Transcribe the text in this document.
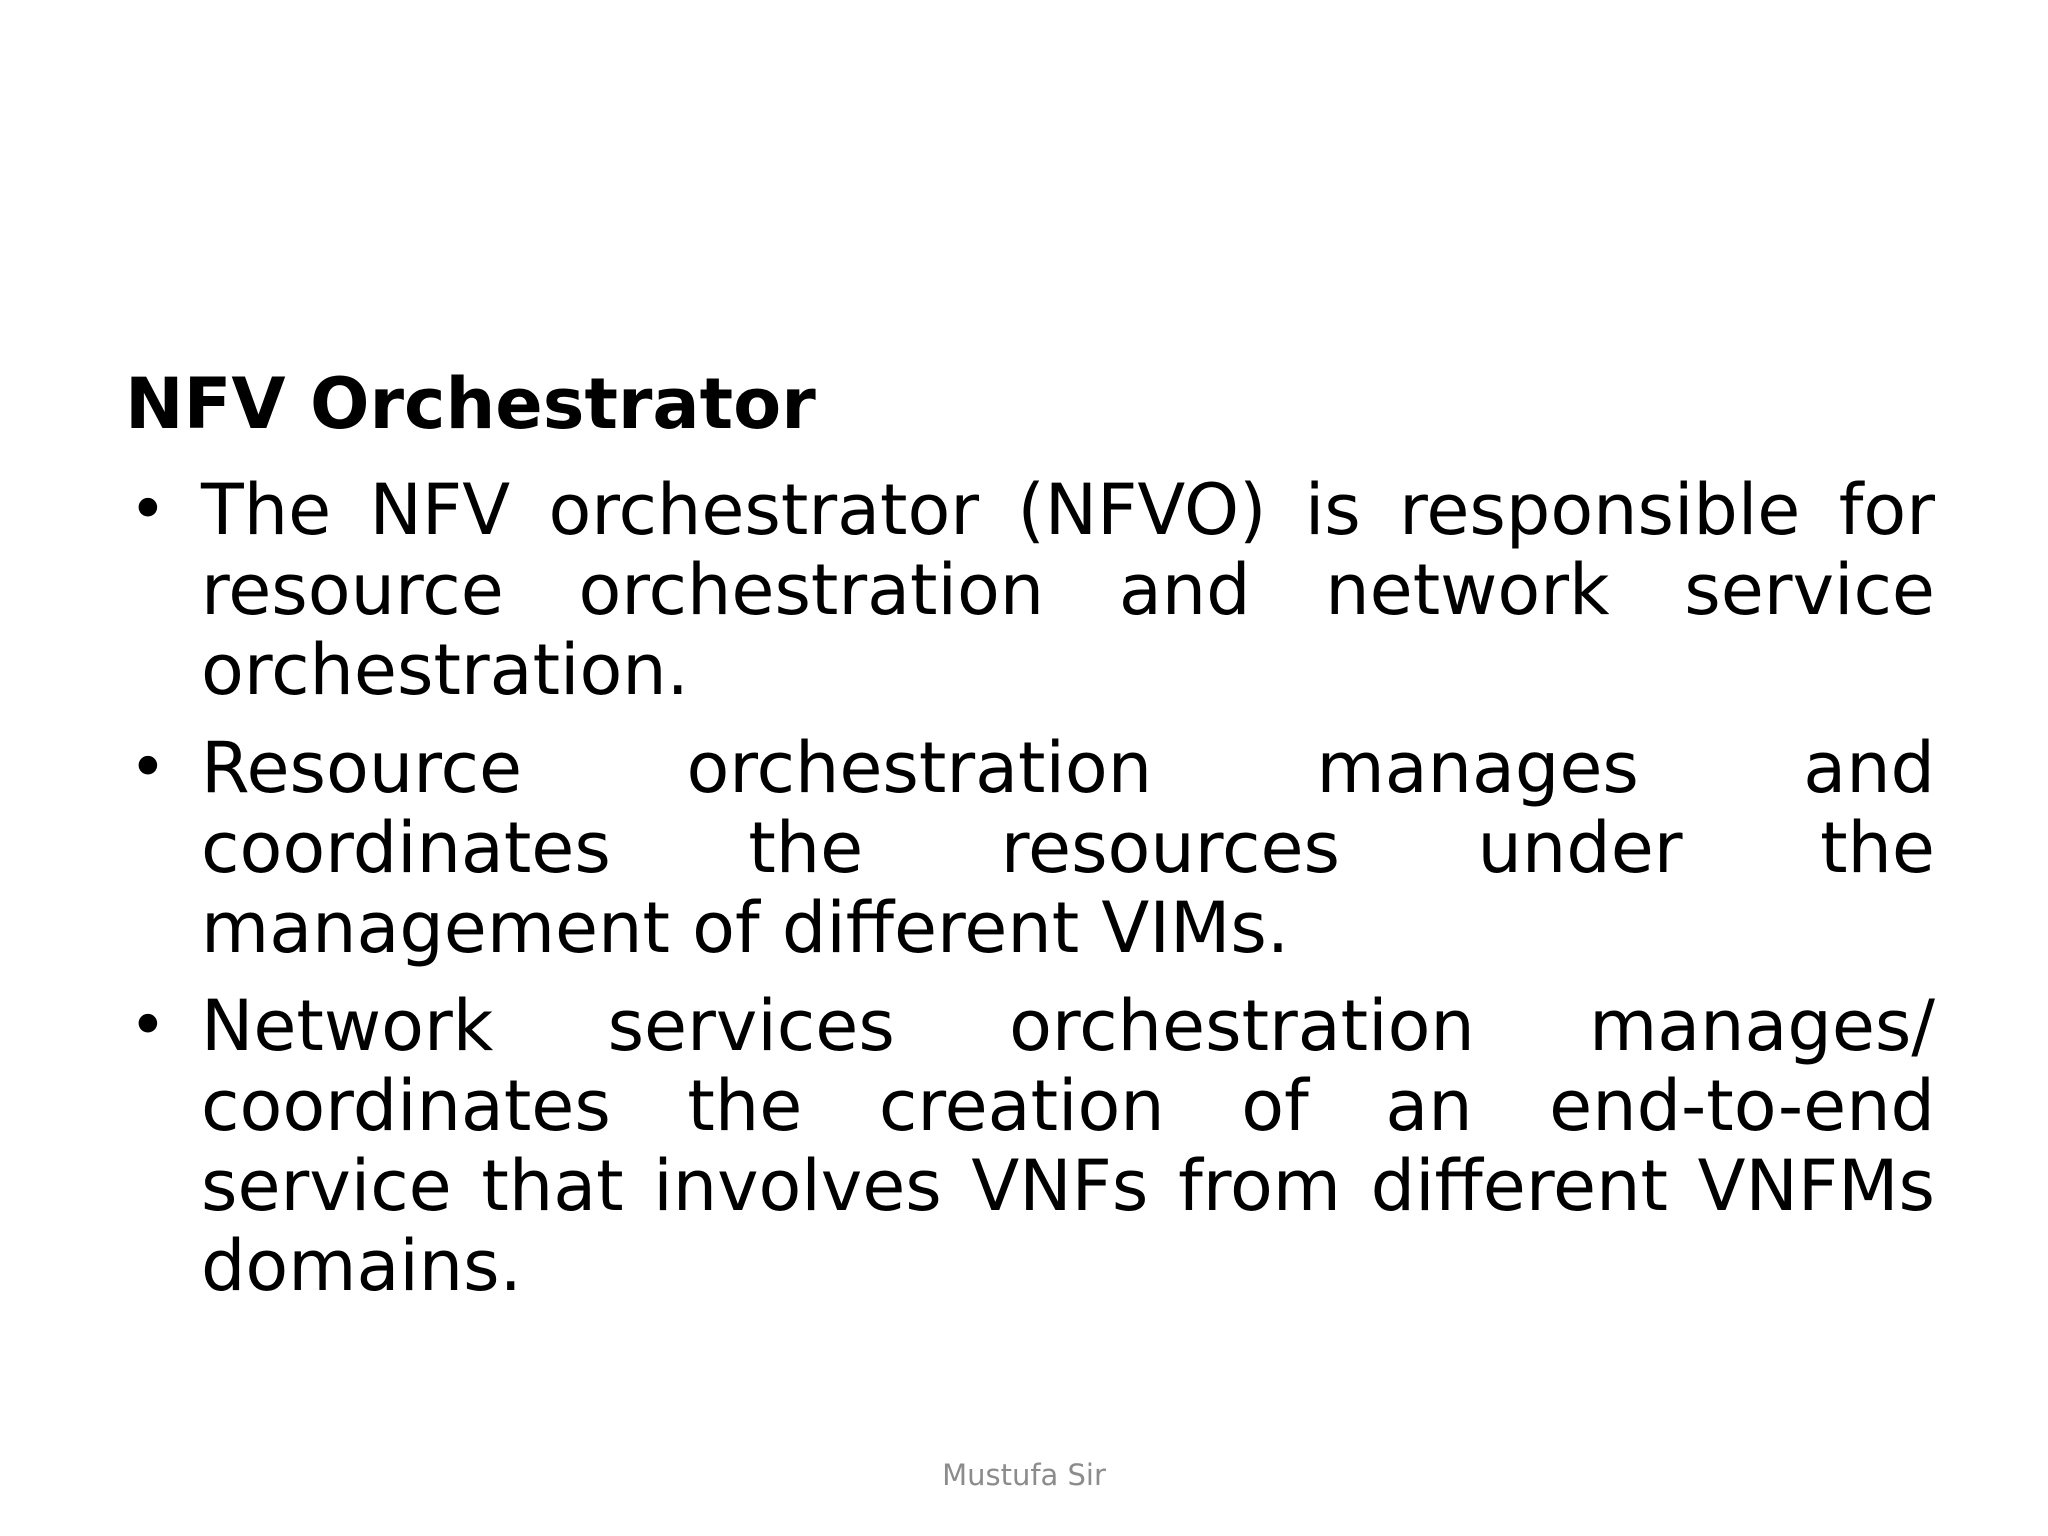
NFV Orchestrator
• The NFV orchestrator (NFVO) is responsible for resource orchestration and network service orchestration.
• Resource orchestration manages and coordinates the resources under the management of different VIMs.
• Network services orchestration manages/ coordinates the creation of an end-to-end service that involves VNFs from different VNFMs domains.
Mustufa Sir
